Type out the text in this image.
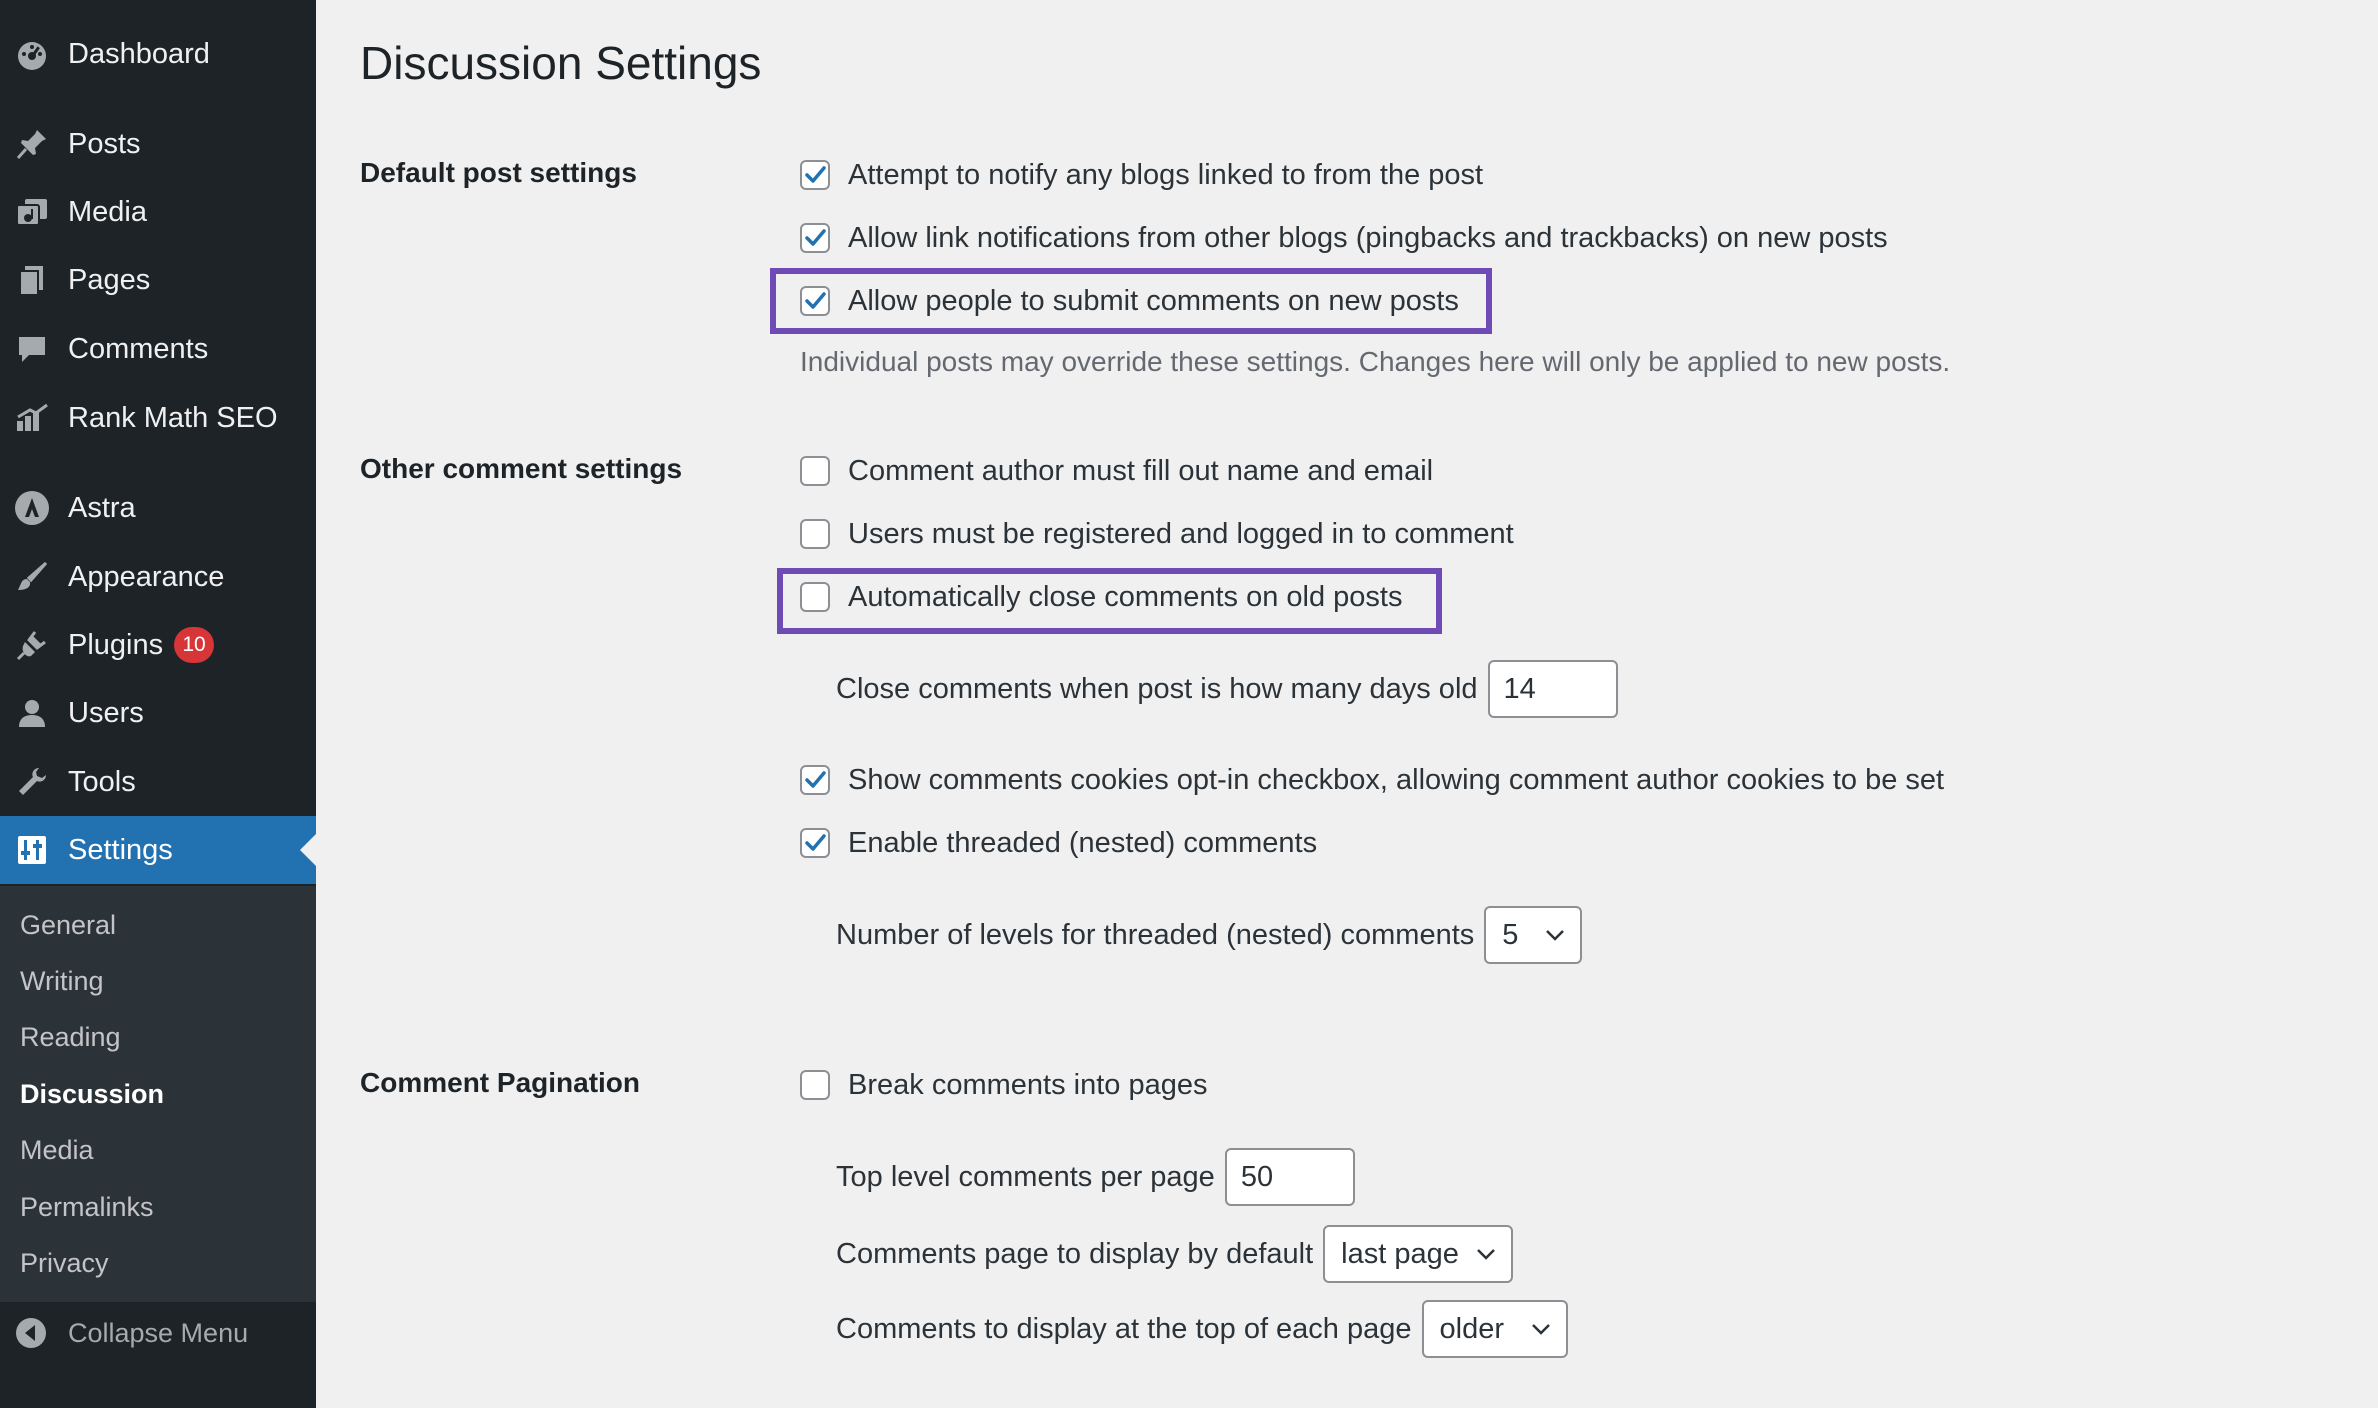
Dashboard
Posts
Media
Pages
Comments
Rank Math SEO
Astra
Appearance
Plugins 10
Users
Tools
Settings
General
Writing
Reading
Discussion
Media
Permalinks
Privacy
Collapse Menu
Discussion Settings
Default post settings	Attempt to notify any blogs linked to from the post
Allow link notifications from other blogs (pingbacks and trackbacks) on new posts
Allow people to submit comments on new posts
Individual posts may override these settings. Changes here will only be applied to new posts.
Other comment settings	Comment author must fill out name and email
Users must be registered and logged in to comment
Automatically close comments on old posts
Close comments when post is how many days old
14
Show comments cookies opt-in checkbox, allowing comment author cookies to be set
Enable threaded (nested) comments
Number of levels for threaded (nested) comments 5
Comment Pagination	Break comments into pages
Top level comments per page
50
Comments page to display by default last page
Comments to display at the top of each page older
